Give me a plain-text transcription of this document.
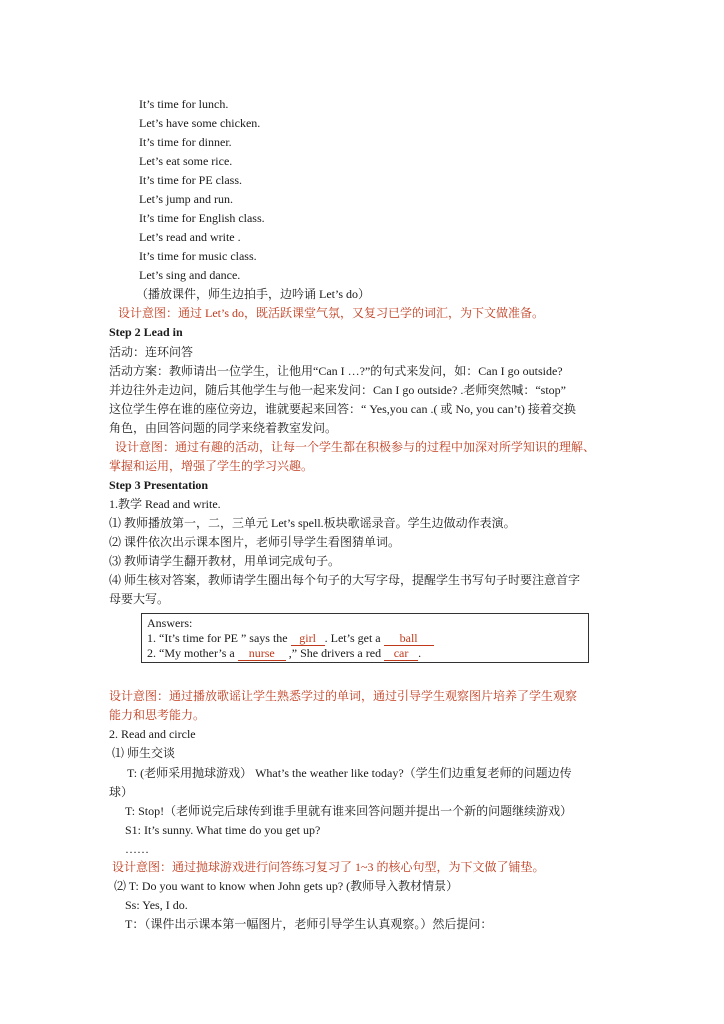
It’s time for lunch.
Let’s have some chicken.
It’s time for dinner.
Let’s eat some rice.
It’s time for PE class.
Let’s jump and run.
It’s time for English class.
Let’s read and write .
It’s time for music class.
Let’s sing and dance.
（播放课件，师生边拍手，边吟诵 Let’s do）
设计意图：通过 Let’s do，既活跃课堂气氛，又复习已学的词汇，为下文做准备。
Step 2 Lead in
活动：连环问答
活动方案：教师请出一位学生，让他用“Can I …?”的句式来发问，如：Can I go outside?
并边往外走边问，随后其他学生与他一起来发问：Can I go outside? .老师突然喊：“stop”
这位学生停在谁的座位旁边，谁就要起来回答：“ Yes,you can .( 或 No, you can’t) 接着交换
角色，由回答问题的同学来绕着教室发问。
设计意图：通过有趣的活动，让每一个学生都在积极参与的过程中加深对所学知识的理解、
掌握和运用，增强了学生的学习兴趣。
Step 3 Presentation
1.教学 Read and write.
⑴ 教师播放第一，二，三单元 Let’s spell.板块歌谣录音。学生边做动作表演。
⑵ 课件依次出示课本图片，老师引导学生看图猜单词。
⑶ 教师请学生翻开教材，用单词完成句子。
⑷ 师生核对答案，教师请学生圈出每个句子的大写字母，提醒学生书写句子时要注意首字
母要大写。
Answers:
1. “It’s time for PE ” says the girl . Let’s get a ball
2. “My mother’s a nurse ,” She drivers a red car .
设计意图：通过播放歌谣让学生熟悉学过的单词，通过引导学生观察图片培养了学生观察
能力和思考能力。
2. Read and circle
⑴ 师生交谈
T: (老师采用抛球游戏） What’s the weather like today?（学生们边重复老师的问题边传
球）
T: Stop!（老师说完后球传到谁手里就有谁来回答问题并提出一个新的问题继续游戏）
S1: It’s sunny. What time do you get up?
……
设计意图：通过抛球游戏进行问答练习复习了 1~3 的核心句型，为下文做了铺垫。
⑵ T: Do you want to know when John gets up? (教师导入教材情景）
Ss: Yes, I do.
T：（课件出示课本第一幅图片，老师引导学生认真观察。）然后提问：
